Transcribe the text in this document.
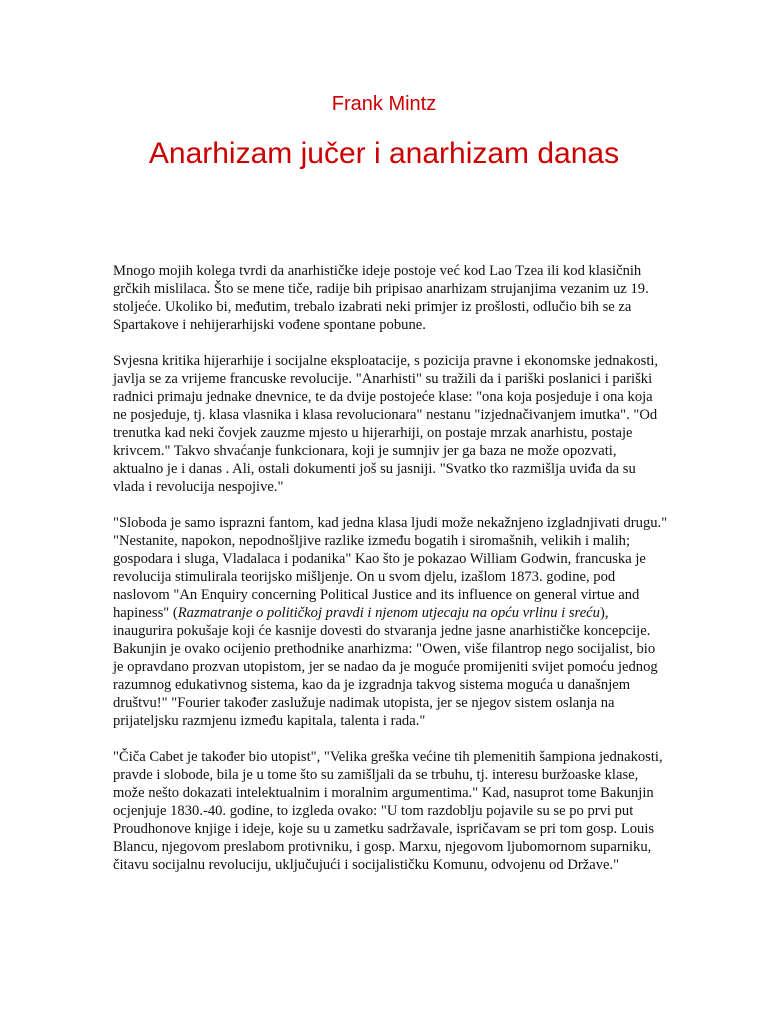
Frank Mintz
Anarhizam jučer i anarhizam danas

Mnogo mojih kolega tvrdi da anarhističke ideje postoje već kod Lao Tzea ili kod klasičnih grčkih mislilaca. Što se mene tiče, radije bih pripisao anarhizam strujanjima vezanim uz 19. stoljeće. Ukoliko bi, međutim, trebalo izabrati neki primjer iz prošlosti, odlučio bih se za Spartakove i nehijerarhijski vođene spontane pobune.

Svjesna kritika hijerarhije i socijalne eksploatacije, s pozicija pravne i ekonomske jednakosti, javlja se za vrijeme francuske revolucije. "Anarhisti" su tražili da i pariški poslanici i pariški radnici primaju jednake dnevnice, te da dvije postojeće klase: "ona koja posjeduje i ona koja ne posjeduje, tj. klasa vlasnika i klasa revolucionara" nestanu "izjednačivanjem imutka". "Od trenutka kad neki čovjek zauzme mjesto u hijerarhiji, on postaje mrzak anarhistu, postaje krivcem." Takvo shvaćanje funkcionara, koji je sumnjiv jer ga baza ne može opozvati, aktualno je i danas . Ali, ostali dokumenti još su jasniji. "Svatko tko razmišlja uviđa da su vlada i revolucija nespojive."

"Sloboda je samo isprazni fantom, kad jedna klasa ljudi može nekažnjeno izgladnjivati drugu." "Nestanite, napokon, nepodnošljive razlike između bogatih i siromašnih, velikih i malih; gospodara i sluga, Vladalaca i podanika" Kao što je pokazao William Godwin, francuska je revolucija stimulirala teorijsko mišljenje. On u svom djelu, izašlom 1873. godine, pod naslovom "An Enquiry concerning Political Justice and its influence on general virtue and hapiness" (Razmatranje o političkoj pravdi i njenom utjecaju na opću vrlinu i sreću), inaugurira pokušaje koji će kasnije dovesti do stvaranja jedne jasne anarhističke koncepcije. Bakunjin je ovako ocijenio prethodnike anarhizma: "Owen, više filantrop nego socijalist, bio je opravdano prozvan utopistom, jer se nadao da je moguće promijeniti svijet pomoću jednog razumnog edukativnog sistema, kao da je izgradnja takvog sistema moguća u današnjem društvu!" "Fourier također zaslužuje nadimak utopista, jer se njegov sistem oslanja na prijateljsku razmjenu između kapitala, talenta i rada."

"Čiča Cabet je također bio utopist", "Velika greška većine tih plemenitih šampiona jednakosti, pravde i slobode, bila je u tome što su zamišljali da se trbuhu, tj. interesu buržoaske klase, može nešto dokazati intelektualnim i moralnim argumentima." Kad, nasuprot tome Bakunjin ocjenjuje 1830.-40. godine, to izgleda ovako: "U tom razdoblju pojavile su se po prvi put Proudhonove knjige i ideje, koje su u zametku sadržavale, ispričavam se pri tom gosp. Louis Blancu, njegovom preslabom protivniku, i gosp. Marxu, njegovom ljubomornom suparniku, čitavu socijalnu revoluciju, uključujući i socijalističku Komunu, odvojenu od Države."
